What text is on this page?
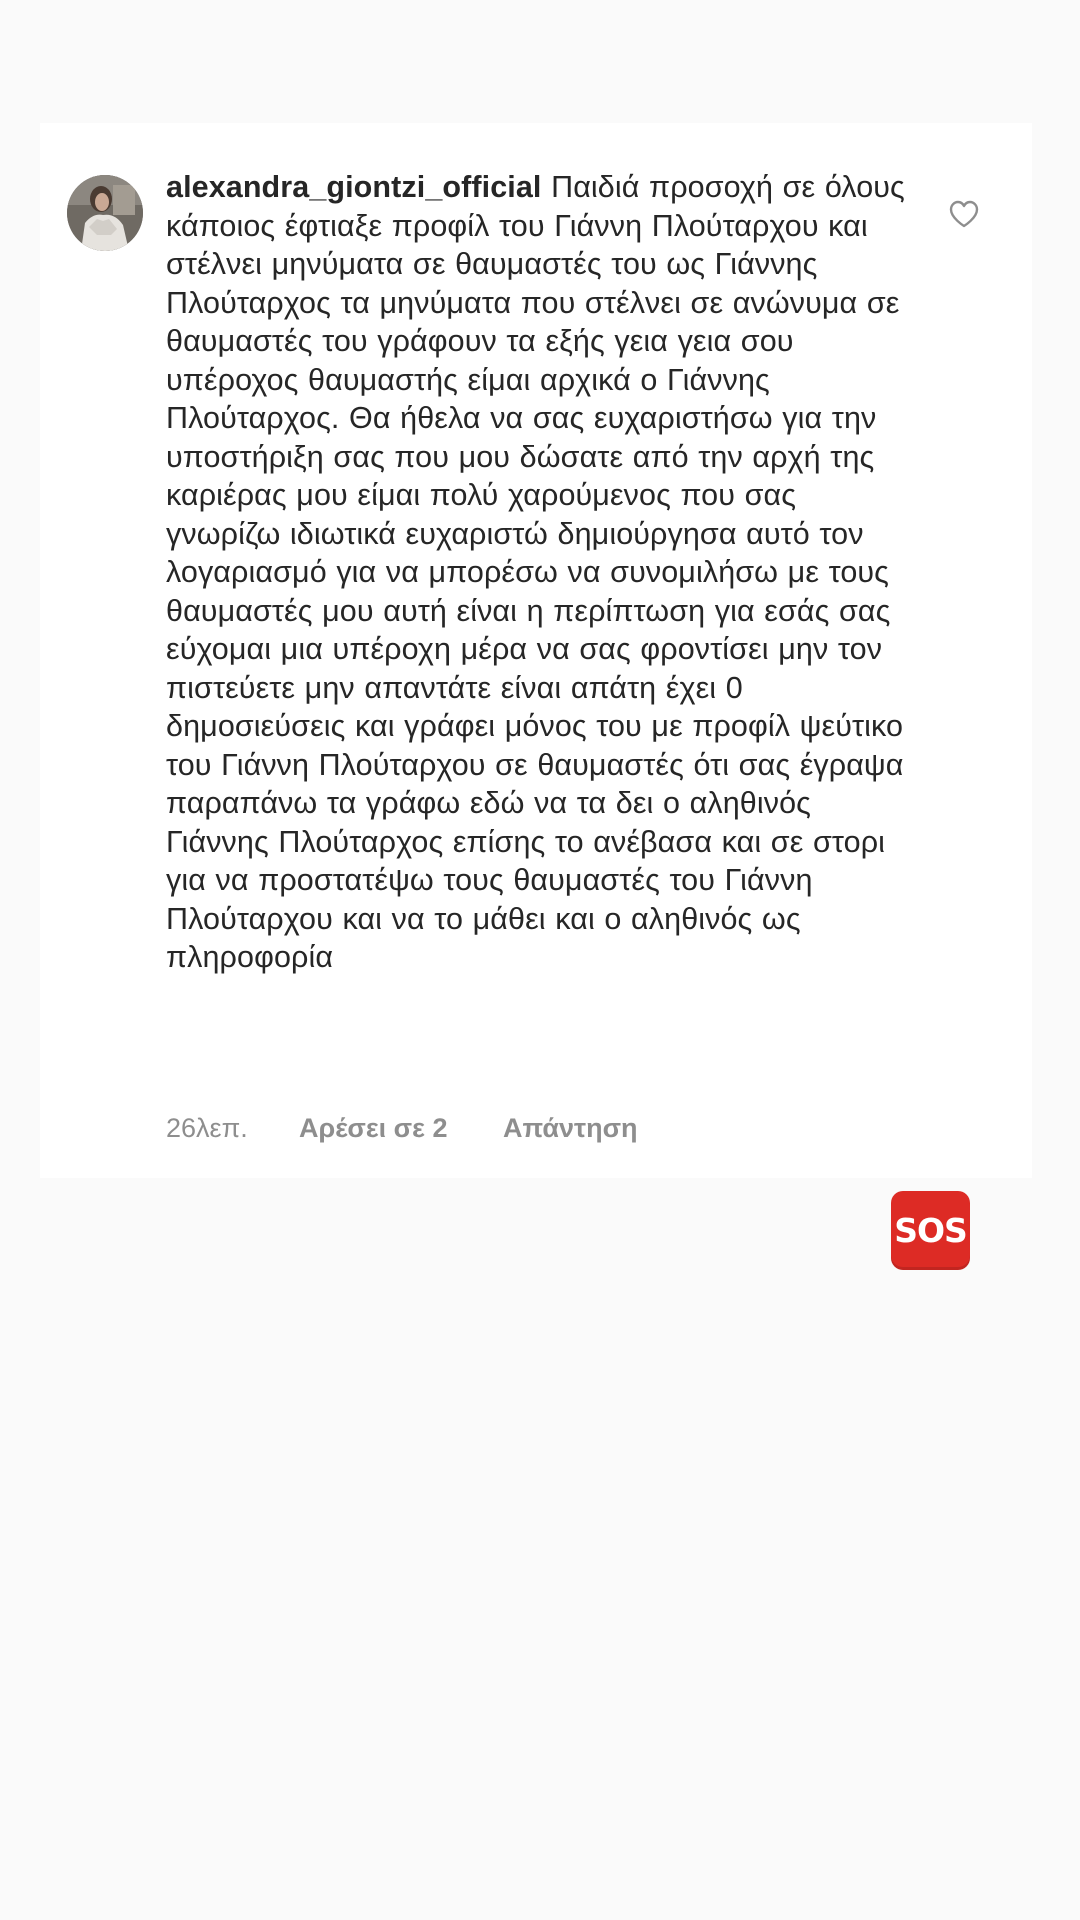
alexandra_giontzi_official Παιδιά προσοχή σε όλους κάποιος έφτιαξε προφίλ του Γιάννη Πλούταρχου και στέλνει μηνύματα σε θαυμαστές του ως Γιάννης Πλούταρχος τα μηνύματα που στέλνει σε ανώνυμα σε θαυμαστές του γράφουν τα εξής γεια γεια σου υπέροχος θαυμαστής είμαι αρχικά ο Γιάννης Πλούταρχος. Θα ήθελα να σας ευχαριστήσω για την υποστήριξη σας που μου δώσατε από την αρχή της καριέρας μου είμαι πολύ χαρούμενος που σας γνωρίζω ιδιωτικά ευχαριστώ δημιούργησα αυτό τον λογαριασμό για να μπορέσω να συνομιλήσω με τους θαυμαστές μου αυτή είναι η περίπτωση για εσάς σας εύχομαι μια υπέροχη μέρα να σας φροντίσει μην τον πιστεύετε μην απαντάτε είναι απάτη έχει 0 δημοσιεύσεις και γράφει μόνος του με προφίλ ψεύτικο του Γιάννη Πλούταρχου σε θαυμαστές ότι σας έγραψα παραπάνω τα γράφω εδώ να τα δει ο αληθινός Γιάννης Πλούταρχος επίσης το ανέβασα και σε στορι για να προστατέψω τους θαυμαστές του Γιάννη Πλούταρχου και να το μάθει και ο αληθινός ως πληροφορία
26λεπ. Αρέσει σε 2 Απάντηση
SOS
